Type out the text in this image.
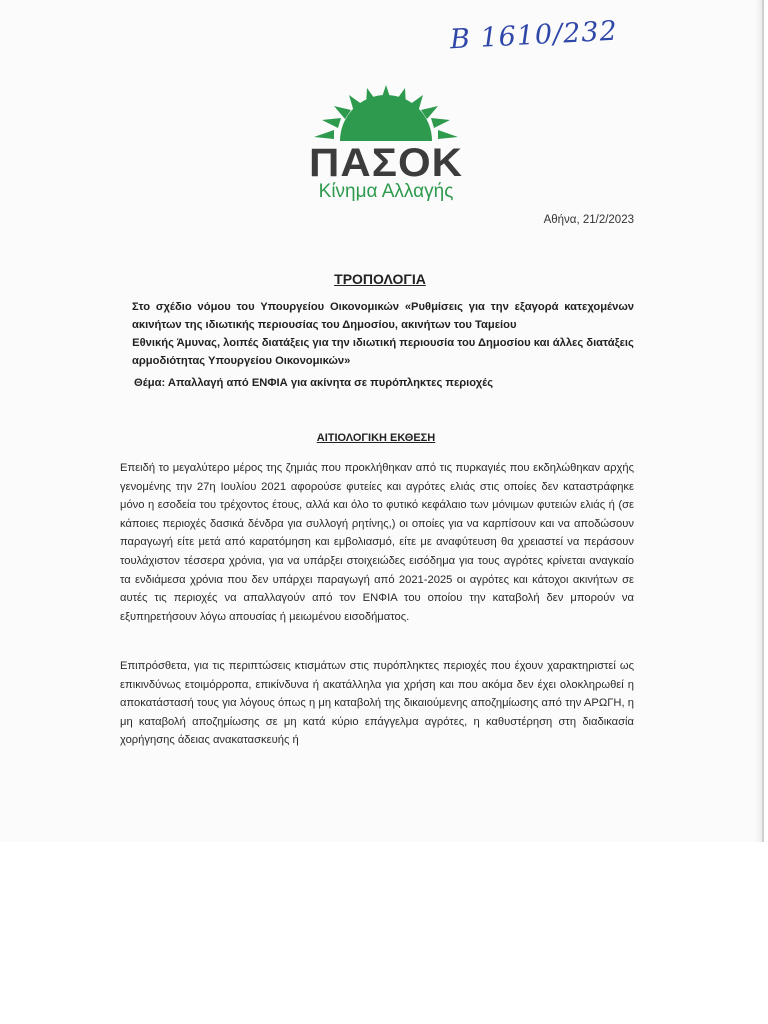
B 1610/232
ΠΑΣΟΚ
Κίνημα Αλλαγής
Αθήνα, 21/2/2023
ΤΡΟΠΟΛΟΓΙΑ
Στο σχέδιο νόμου του Υπουργείου Οικονομικών «Ρυθμίσεις για την εξαγορά κατεχομένων ακινήτων της ιδιωτικής περιουσίας του Δημοσίου, ακινήτων του Ταμείου
Εθνικής Άμυνας, λοιπές διατάξεις για την ιδιωτική περιουσία του Δημοσίου και άλλες διατάξεις αρμοδιότητας Υπουργείου Οικονομικών»
Θέμα: Απαλλαγή από ΕΝΦΙΑ για ακίνητα σε πυρόπληκτες περιοχές
ΑΙΤΙΟΛΟΓΙΚΗ ΕΚΘΕΣΗ
Επειδή το μεγαλύτερο μέρος της ζημιάς που προκλήθηκαν από τις πυρκαγιές που εκδηλώθηκαν αρχής γενομένης την 27η Ιουλίου 2021 αφορούσε φυτείες και αγρότες ελιάς στις οποίες δεν καταστράφηκε μόνο η εσοδεία του τρέχοντος έτους, αλλά και όλο το φυτικό κεφάλαιο των μόνιμων φυτειών ελιάς ή (σε κάποιες περιοχές δασικά δένδρα για συλλογή ρητίνης,) οι οποίες για να καρπίσουν και να αποδώσουν παραγωγή είτε μετά από καρατόμηση και εμβολιασμό, είτε με αναφύτευση θα χρειαστεί να περάσουν τουλάχιστον τέσσερα χρόνια, για να υπάρξει στοιχειώδες εισόδημα για τους αγρότες κρίνεται αναγκαίο τα ενδιάμεσα χρόνια που δεν υπάρχει παραγωγή από 2021-2025 οι αγρότες και κάτοχοι ακινήτων σε αυτές τις περιοχές να απαλλαγούν από τον ΕΝΦΙΑ του οποίου την καταβολή δεν μπορούν να εξυπηρετήσουν λόγω απουσίας ή μειωμένου εισοδήματος.
Επιπρόσθετα, για τις περιπτώσεις κτισμάτων στις πυρόπληκτες περιοχές που έχουν χαρακτηριστεί ως επικινδύνως ετοιμόρροπα, επικίνδυνα ή ακατάλληλα για χρήση και που ακόμα δεν έχει ολοκληρωθεί η αποκατάστασή τους για λόγους όπως η μη καταβολή της δικαιούμενης αποζημίωσης από την ΑΡΩΓΗ, η μη καταβολή αποζημίωσης σε μη κατά κύριο επάγγελμα αγρότες, η καθυστέρηση στη διαδικασία χορήγησης άδειας ανακατασκευής ή
